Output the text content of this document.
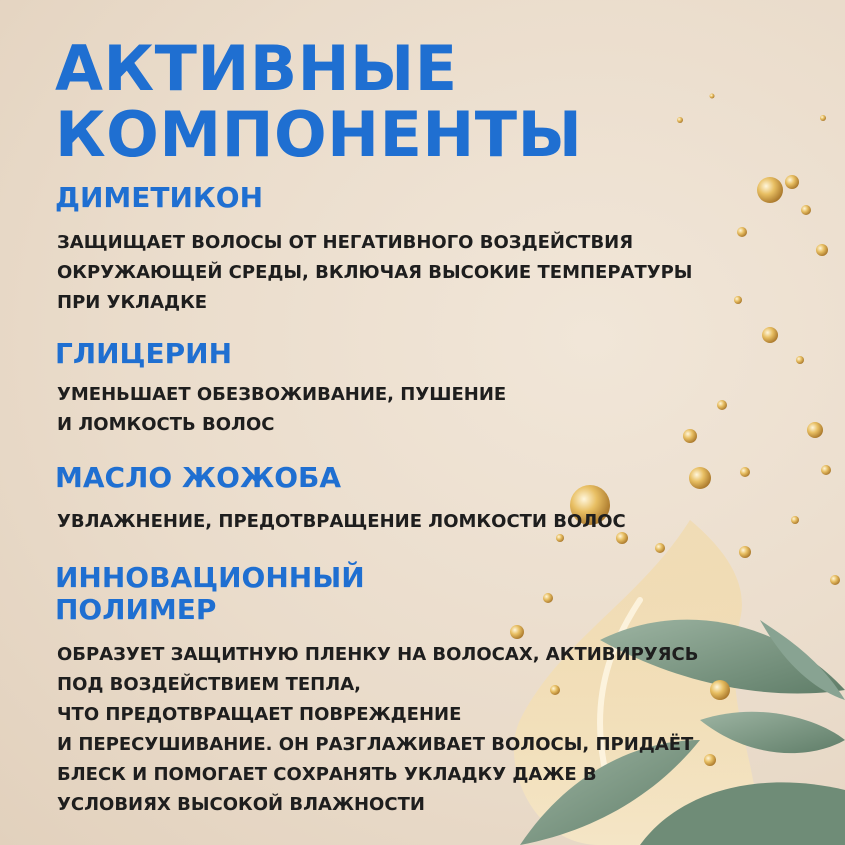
АКТИВНЫЕ
КОМПОНЕНТЫ
ДИМЕТИКОН
ЗАЩИЩАЕТ ВОЛОСЫ ОТ НЕГАТИВНОГО ВОЗДЕЙСТВИЯ
ОКРУЖАЮЩЕЙ СРЕДЫ, ВКЛЮЧАЯ ВЫСОКИЕ ТЕМПЕРАТУРЫ
ПРИ УКЛАДКЕ
ГЛИЦЕРИН
УМЕНЬШАЕТ ОБЕЗВОЖИВАНИЕ, ПУШЕНИЕ
И ЛОМКОСТЬ ВОЛОС
МАСЛО ЖОЖОБА
УВЛАЖНЕНИЕ, ПРЕДОТВРАЩЕНИЕ ЛОМКОСТИ ВОЛОС
ИННОВАЦИОННЫЙ
ПОЛИМЕР
ОБРАЗУЕТ ЗАЩИТНУЮ ПЛЕНКУ НА ВОЛОСАХ, АКТИВИРУЯСЬ
ПОД ВОЗДЕЙСТВИЕМ ТЕПЛА,
ЧТО ПРЕДОТВРАЩАЕТ ПОВРЕЖДЕНИЕ
И ПЕРЕСУШИВАНИЕ. ОН РАЗГЛАЖИВАЕТ ВОЛОСЫ, ПРИДАЁТ
БЛЕСК И ПОМОГАЕТ СОХРАНЯТЬ УКЛАДКУ ДАЖЕ В
УСЛОВИЯХ ВЫСОКОЙ ВЛАЖНОСТИ
